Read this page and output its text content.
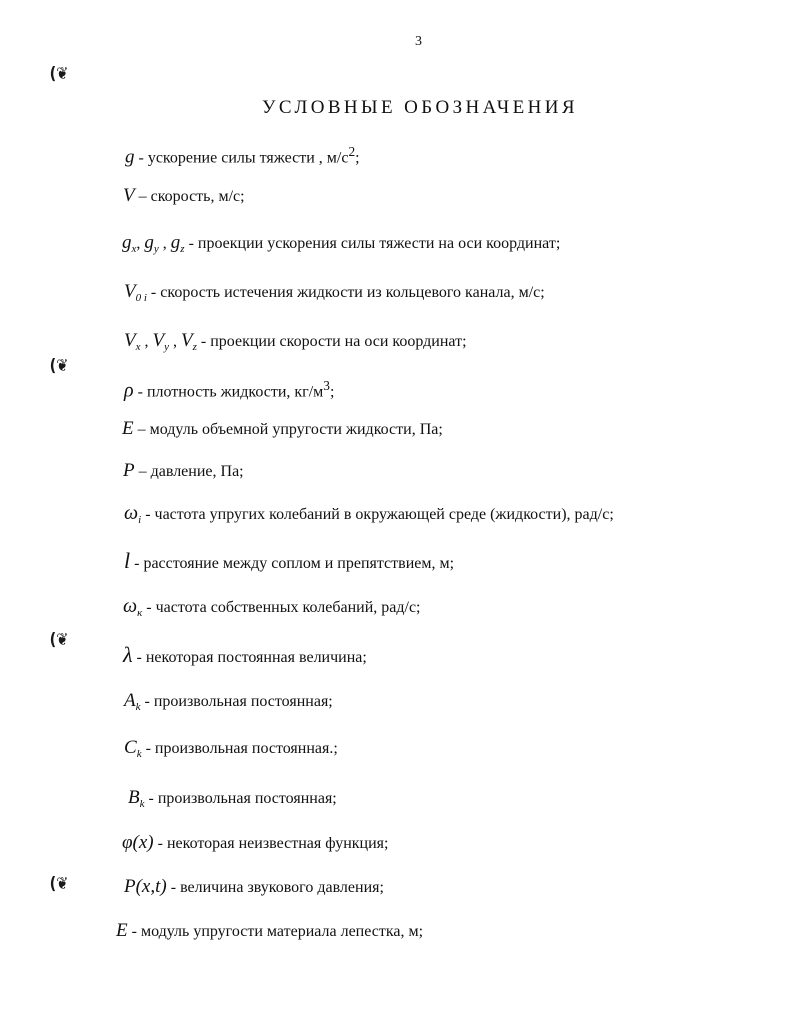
3
УСЛОВНЫЕ ОБОЗНАЧЕНИЯ
(❦
(❦
(❦
(❦
g - ускорение силы тяжести , $м/с^2$;
V – скорость, м/с;
$g_x$, $g_y$ , $g_z$ - проекции ускорения силы тяжести на оси координат;
$V_{0 i}$ - скорость истечения жидкости из кольцевого канала, м/с;
$V_x$ , $V_y$ , $V_z$ - проекции скорости на оси координат;
ρ - плотность жидкости, $кг/м^3$;
E – модуль объемной упругости жидкости, Па;
P – давление, Па;
$\omega_i$ - частота упругих колебаний в окружающей среде (жидкости), рад/с;
l - расстояние между соплом и препятствием, м;
$\omega_к$ - частота собственных колебаний, рад/с;
λ - некоторая постоянная величина;
$A_k$ - произвольная постоянная;
$C_k$ - произвольная постоянная.;
$B_k$ - произвольная постоянная;
φ(x) - некоторая неизвестная функция;
P(x,t) - величина звукового давления;
E - модуль упругости материала лепестка, м;
